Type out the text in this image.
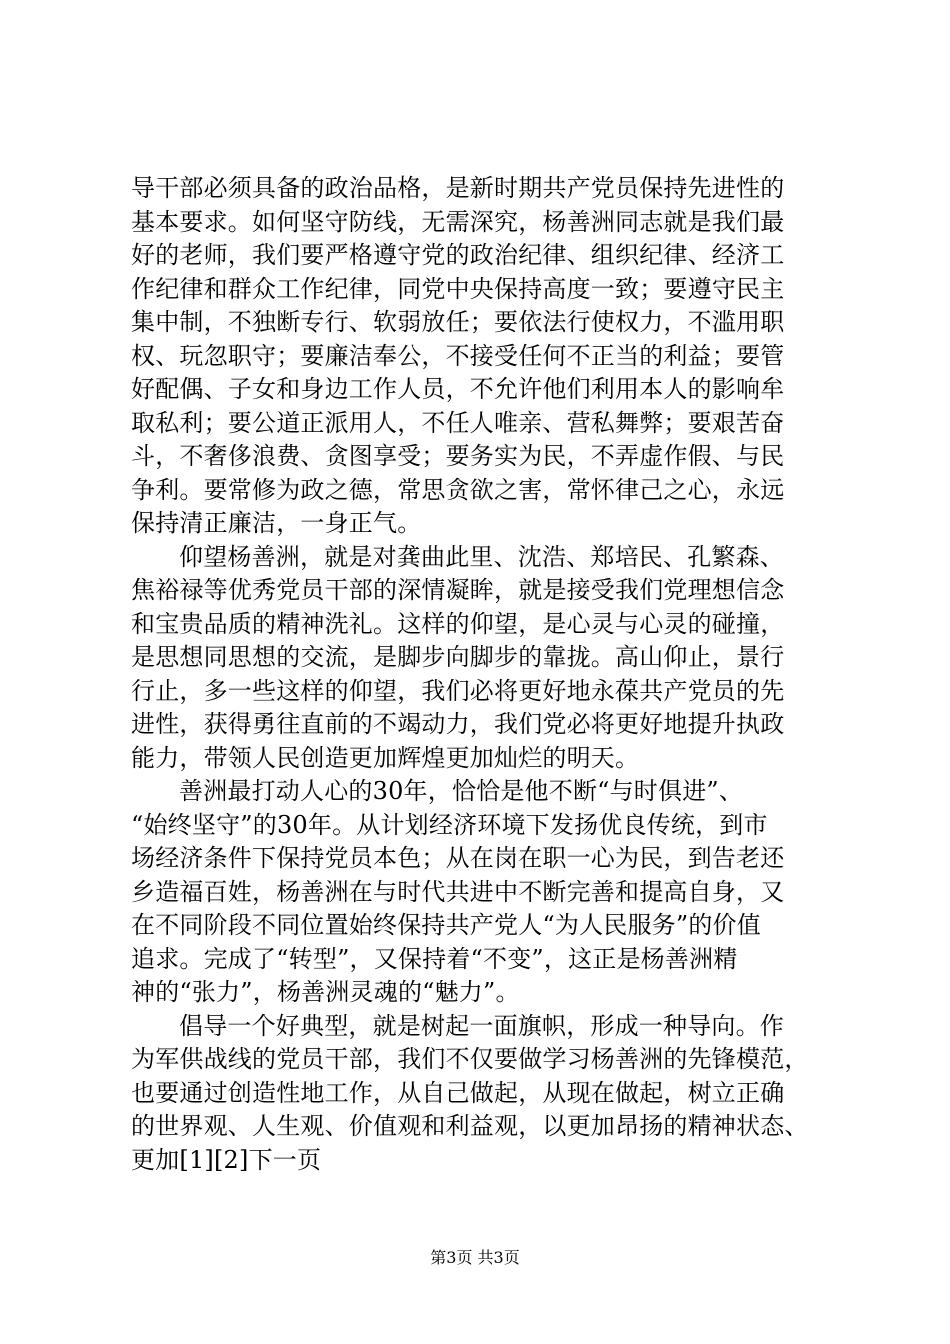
导干部必须具备的政治品格，是新时期共产党员保持先进性的
基本要求。如何坚守防线，无需深究，杨善洲同志就是我们最
好的老师，我们要严格遵守党的政治纪律、组织纪律、经济工
作纪律和群众工作纪律，同党中央保持高度一致；要遵守民主
集中制，不独断专行、软弱放任；要依法行使权力，不滥用职
权、玩忽职守；要廉洁奉公，不接受任何不正当的利益；要管
好配偶、子女和身边工作人员，不允许他们利用本人的影响牟
取私利；要公道正派用人，不任人唯亲、营私舞弊；要艰苦奋
斗，不奢侈浪费、贪图享受；要务实为民，不弄虚作假、与民
争利。要常修为政之德，常思贪欲之害，常怀律己之心，永远
保持清正廉洁，一身正气。
仰望杨善洲，就是对龚曲此里、沈浩、郑培民、孔繁森、
焦裕禄等优秀党员干部的深情凝眸，就是接受我们党理想信念
和宝贵品质的精神洗礼。这样的仰望，是心灵与心灵的碰撞，
是思想同思想的交流，是脚步向脚步的靠拢。高山仰止，景行
行止，多一些这样的仰望，我们必将更好地永葆共产党员的先
进性，获得勇往直前的不竭动力，我们党必将更好地提升执政
能力，带领人民创造更加辉煌更加灿烂的明天。
善洲最打动人心的30年，恰恰是他不断“与时俱进”、
“始终坚守”的30年。从计划经济环境下发扬优良传统，到市
场经济条件下保持党员本色；从在岗在职一心为民，到告老还
乡造福百姓，杨善洲在与时代共进中不断完善和提高自身，又
在不同阶段不同位置始终保持共产党人“为人民服务”的价值
追求。完成了“转型”，又保持着“不变”，这正是杨善洲精
神的“张力”，杨善洲灵魂的“魅力”。
倡导一个好典型，就是树起一面旗帜，形成一种导向。作
为军供战线的党员干部，我们不仅要做学习杨善洲的先锋模范，
也要通过创造性地工作，从自己做起，从现在做起，树立正确
的世界观、人生观、价值观和利益观，以更加昂扬的精神状态、
更加[1][2]下一页
第3页 共3页
